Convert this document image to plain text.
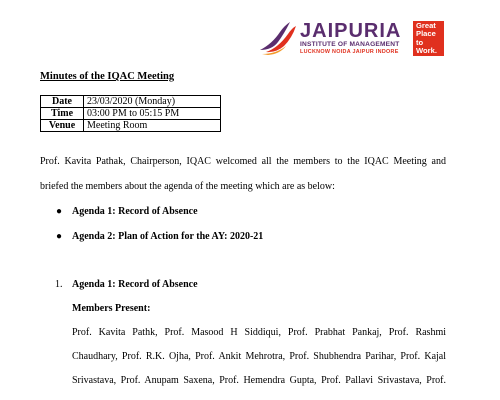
JAIPURIA
INSTITUTE OF MANAGEMENT
LUCKNOW NOIDA JAIPUR INDORE
Great
Place
to
Work.
Minutes of the IQAC Meeting
Date	23/03/2020 (Monday)
Time	03:00 PM to 05:15 PM
Venue	Meeting Room

Prof. Kavita Pathak, Chairperson, IQAC welcomed all the members to the IQAC Meeting and

briefed the members about the agenda of the meeting which are as below:

● Agenda 1: Record of Absence
● Agenda 2: Plan of Action for the AY: 2020-21
1. Agenda 1: Record of Absence
Members Present:

Prof. Kavita Pathk, Prof. Masood H Siddiqui, Prof. Prabhat Pankaj, Prof. Rashmi

Chaudhary, Prof. R.K. Ojha, Prof. Ankit Mehrotra, Prof. Shubhendra Parihar, Prof. Kajal

Srivastava, Prof. Anupam Saxena, Prof. Hemendra Gupta, Prof. Pallavi Srivastava, Prof.
